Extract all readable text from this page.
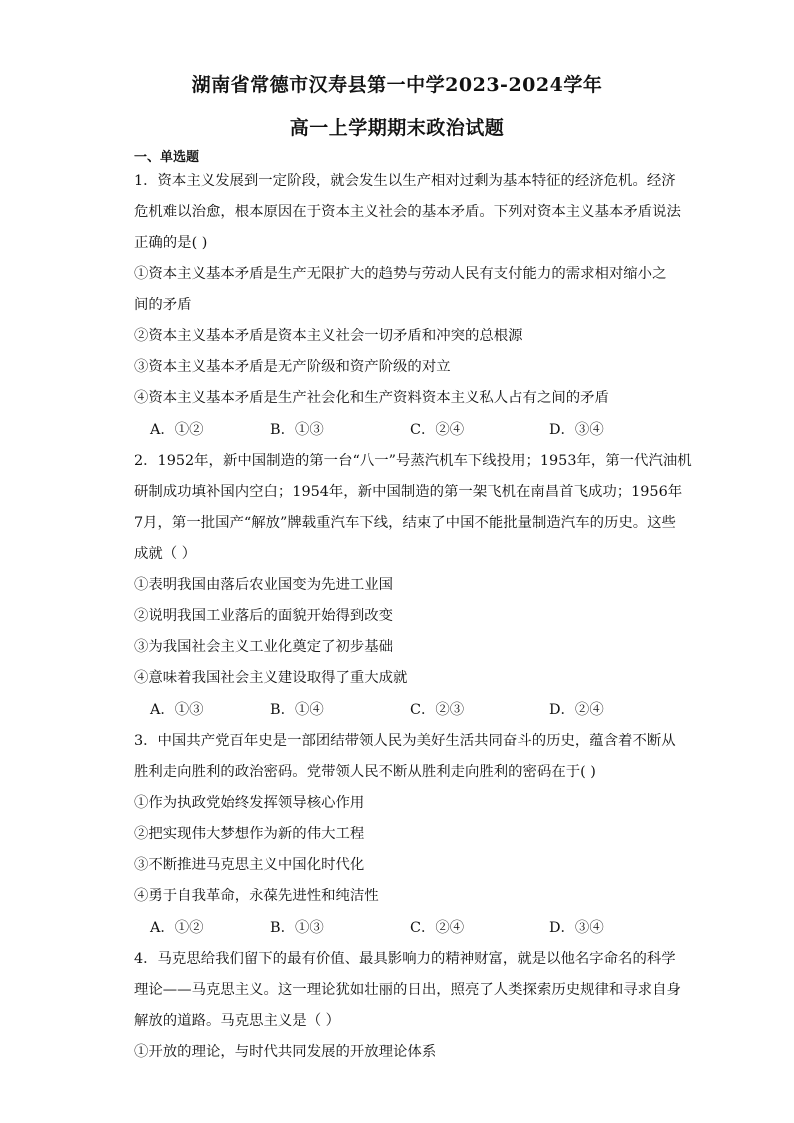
湖南省常德市汉寿县第一中学2023-2024学年
高一上学期期末政治试题
一、单选题
1．资本主义发展到一定阶段，就会发生以生产相对过剩为基本特征的经济危机。经济
危机难以治愈，根本原因在于资本主义社会的基本矛盾。下列对资本主义基本矛盾说法
正确的是( )
①资本主义基本矛盾是生产无限扩大的趋势与劳动人民有支付能力的需求相对缩小之
间的矛盾
②资本主义基本矛盾是资本主义社会一切矛盾和冲突的总根源
③资本主义基本矛盾是无产阶级和资产阶级的对立
④资本主义基本矛盾是生产社会化和生产资料资本主义私人占有之间的矛盾
A．①②	B．①③	C．②④	D．③④
2．1952年，新中国制造的第一台“八一”号蒸汽机车下线投用；1953年，第一代汽油机
研制成功填补国内空白；1954年，新中国制造的第一架飞机在南昌首飞成功；1956年
7月，第一批国产“解放”牌载重汽车下线，结束了中国不能批量制造汽车的历史。这些
成就（ ）
①表明我国由落后农业国变为先进工业国
②说明我国工业落后的面貌开始得到改变
③为我国社会主义工业化奠定了初步基础
④意味着我国社会主义建设取得了重大成就
A．①③	B．①④	C．②③	D．②④
3．中国共产党百年史是一部团结带领人民为美好生活共同奋斗的历史，蕴含着不断从
胜利走向胜利的政治密码。党带领人民不断从胜利走向胜利的密码在于( )
①作为执政党始终发挥领导核心作用
②把实现伟大梦想作为新的伟大工程
③不断推进马克思主义中国化时代化
④勇于自我革命，永葆先进性和纯洁性
A．①②	B．①③	C．②④	D．③④
4．马克思给我们留下的最有价值、最具影响力的精神财富，就是以他名字命名的科学
理论——马克思主义。这一理论犹如壮丽的日出，照亮了人类探索历史规律和寻求自身
解放的道路。马克思主义是（ ）
①开放的理论，与时代共同发展的开放理论体系
